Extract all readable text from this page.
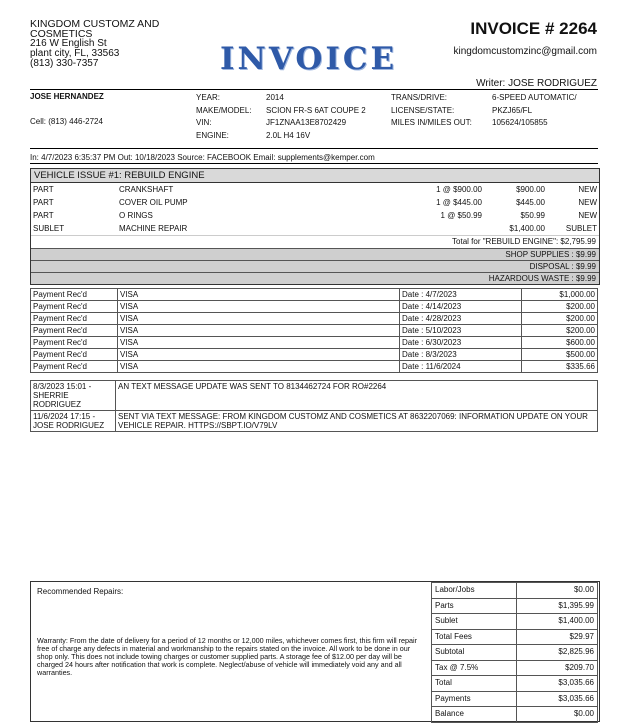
KINGDOM CUSTOMZ AND
COSMETICS
216 W English St
plant city, FL, 33563
(813) 330-7357	INVOICE
INVOICE # 2264
kingdomcustomzinc@gmail.com
Writer: JOSE RODRIGUEZ
JOSE HERNANDEZ
Cell: (813) 446-2724
YEAR:	2014
MAKE/MODEL:	SCION FR-S 6AT COUPE 2
VIN:	JF1ZNAA13E8702429
ENGINE:	2.0L H4 16V
TRANS/DRIVE:	6-SPEED AUTOMATIC/
LICENSE/STATE:	PKZJ65/FL
MILES IN/MILES OUT:	105624/105855
In: 4/7/2023 6:35:37 PM Out: 10/18/2023 Source: FACEBOOK Email: supplements@kemper.com
VEHICLE ISSUE #1: REBUILD ENGINE
PART	CRANKSHAFT	1 @ $900.00	$900.00	NEW
PART	COVER OIL PUMP	1 @ $445.00	$445.00	NEW
PART	O RINGS	1 @ $50.99	$50.99	NEW
SUBLET	MACHINE REPAIR	$1,400.00	SUBLET
Total for "REBUILD ENGINE": $2,795.99
SHOP SUPPLIES : $9.99
DISPOSAL : $9.99
HAZARDOUS WASTE : $9.99
Payment Rec'd	VISA	Date : 4/7/2023	$1,000.00
Payment Rec'd	VISA	Date : 4/14/2023	$200.00
Payment Rec'd	VISA	Date : 4/28/2023	$200.00
Payment Rec'd	VISA	Date : 5/10/2023	$200.00
Payment Rec'd	VISA	Date : 6/30/2023	$600.00
Payment Rec'd	VISA	Date : 8/3/2023	$500.00
Payment Rec'd	VISA	Date : 11/6/2024	$335.66
8/3/2023 15:01 - SHERRIE RODRIGUEZ	AN TEXT MESSAGE UPDATE WAS SENT TO 8134462724 FOR RO#2264
11/6/2024 17:15 - JOSE RODRIGUEZ	SENT VIA TEXT MESSAGE: FROM KINGDOM CUSTOMZ AND COSMETICS AT 8632207069: INFORMATION UPDATE ON YOUR VEHICLE REPAIR. HTTPS://SBPT.IO/V79LV
Recommended Repairs:
Warranty: From the date of delivery for a period of 12 months or 12,000 miles, whichever comes first, this firm will repair free of charge any defects in material and workmanship to the repairs stated on the invoice. All work to be done in our shop only. This does not include towing charges or customer supplied parts. A storage fee of $12.00 per day will be charged 24 hours after notification that work is complete. Neglect/abuse of vehicle will immediately void any and all warranties.
Labor/Jobs	$0.00
Parts	$1,395.99
Sublet	$1,400.00
Total Fees	$29.97
Subtotal	$2,825.96
Tax @ 7.5%	$209.70
Total	$3,035.66
Payments	$3,035.66
Balance	$0.00
